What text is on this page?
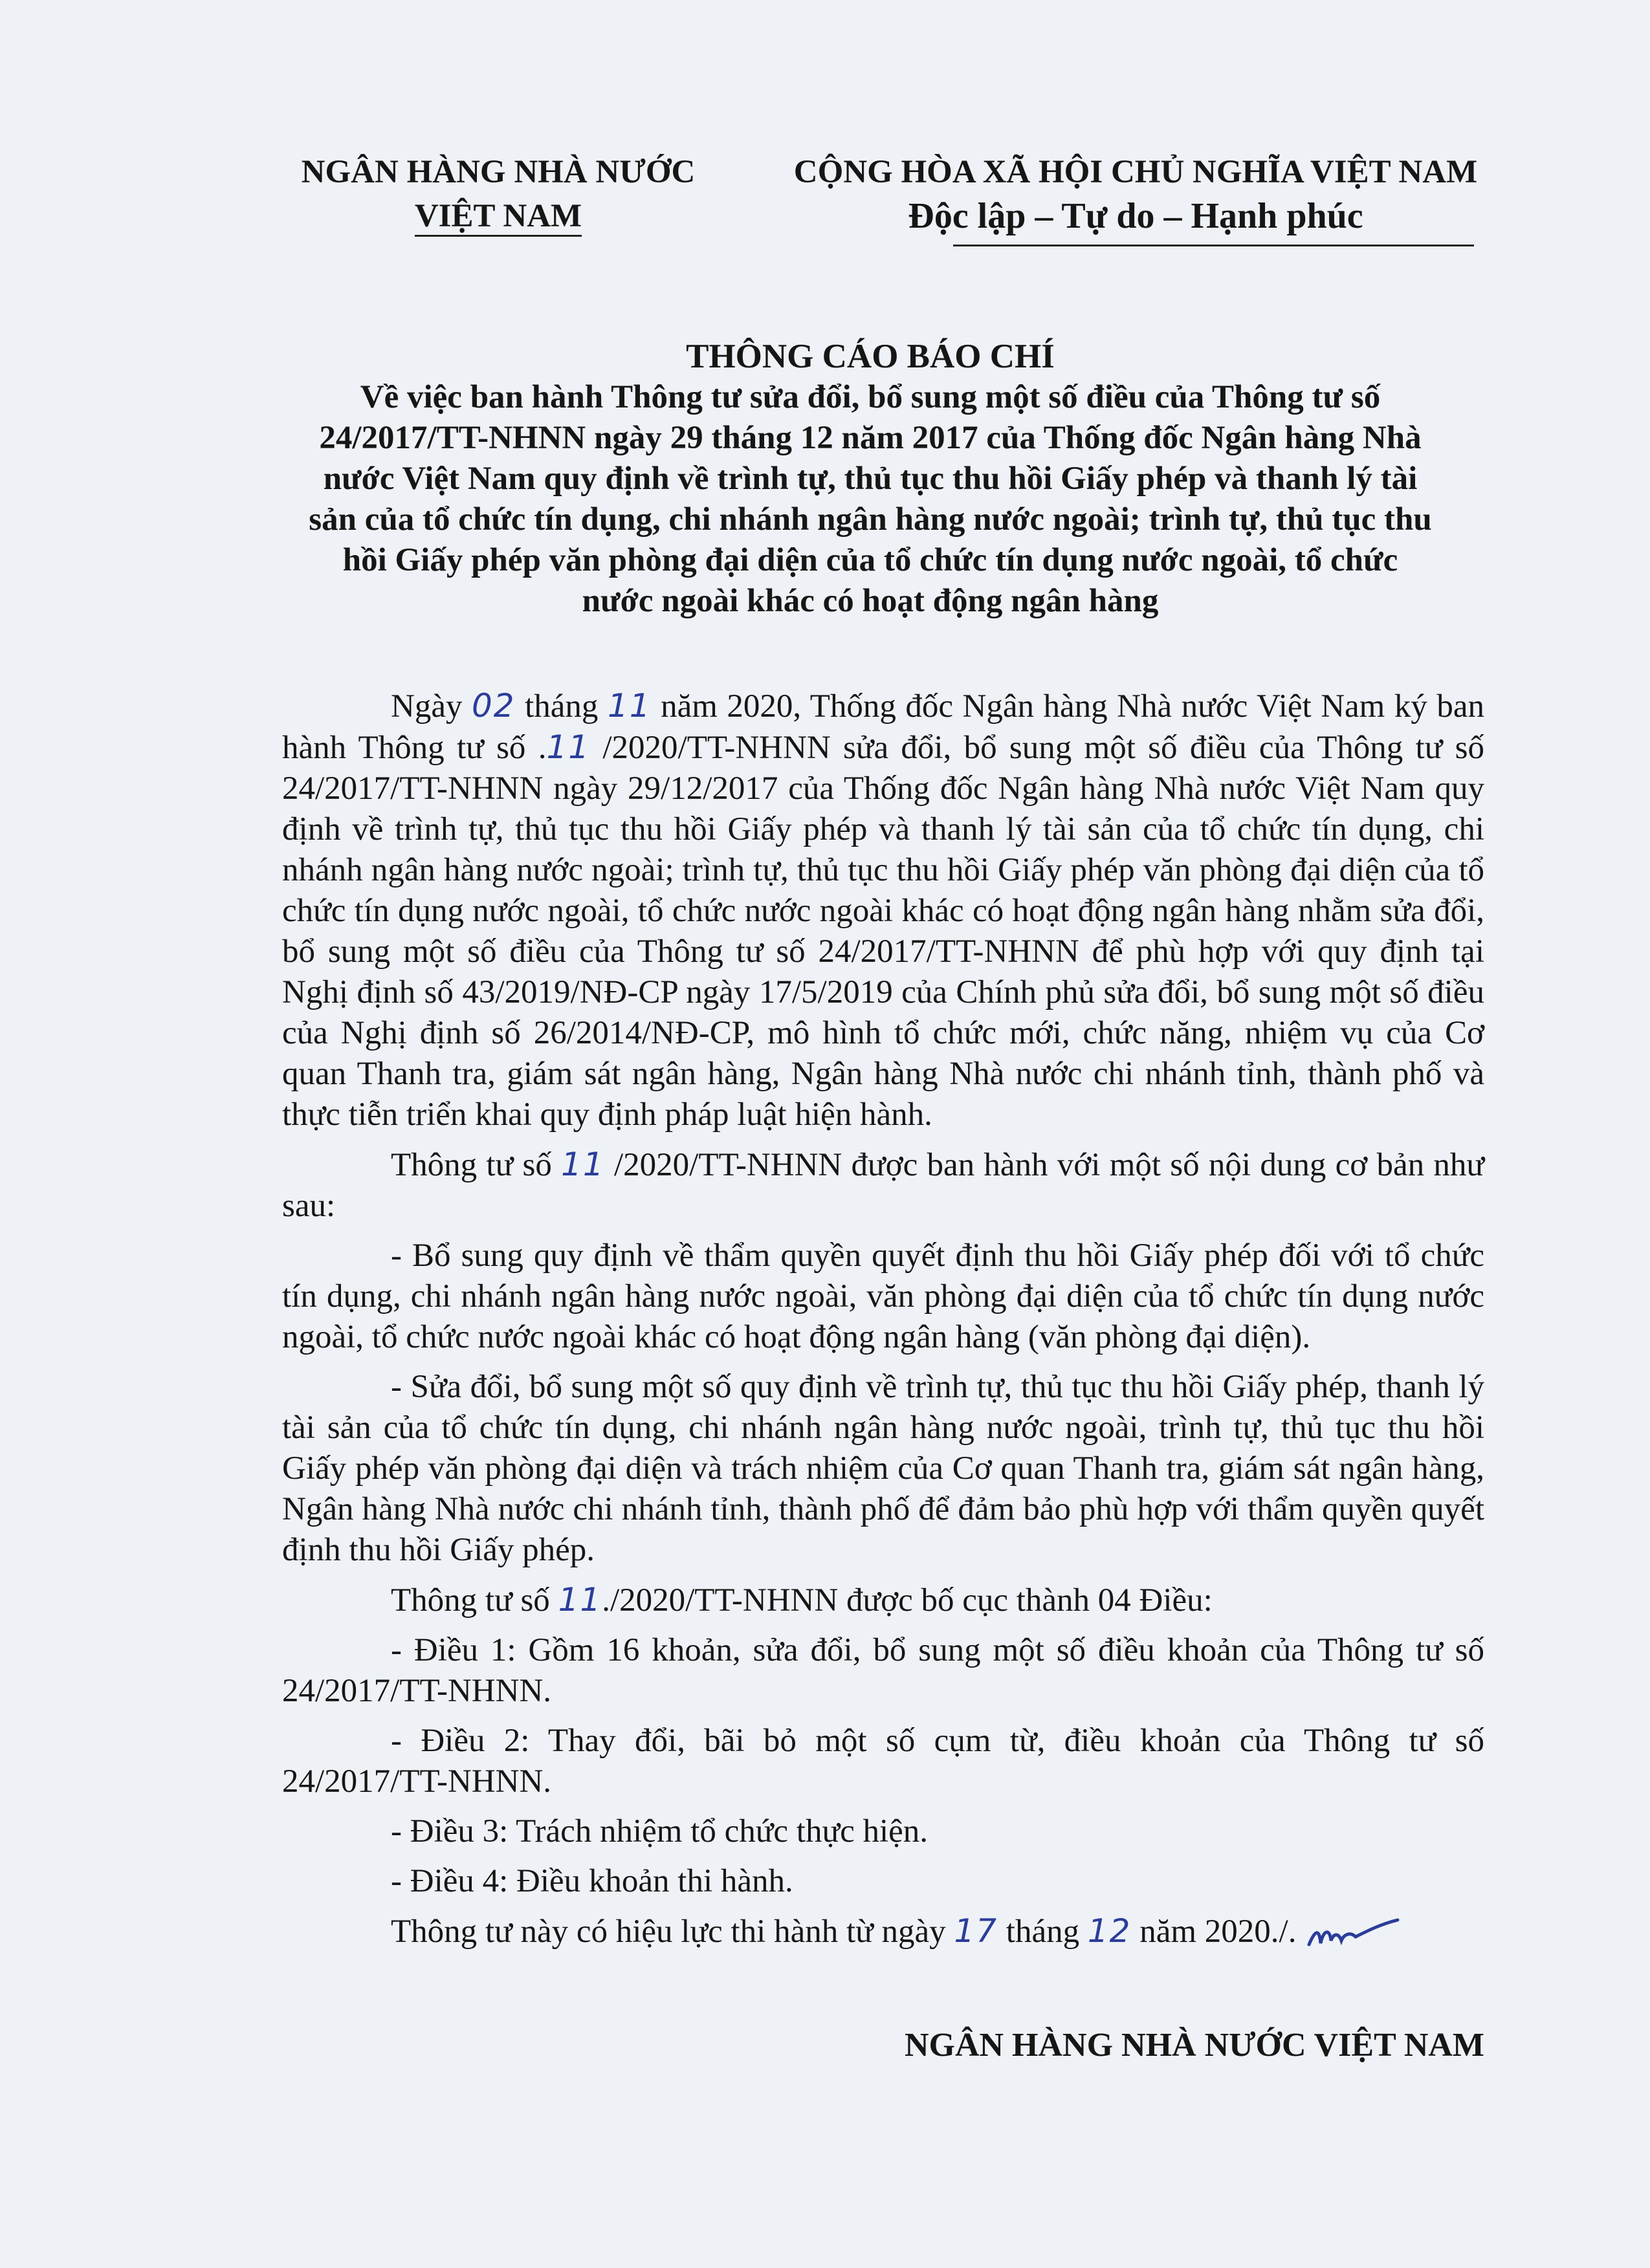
NGÂN HÀNG NHÀ NƯỚC
VIỆT NAM
CỘNG HÒA XÃ HỘI CHỦ NGHĨA VIỆT NAM
Độc lập – Tự do – Hạnh phúc
THÔNG CÁO BÁO CHÍ
Về việc ban hành Thông tư sửa đổi, bổ sung một số điều của Thông tư số
24/2017/TT-NHNN ngày 29 tháng 12 năm 2017 của Thống đốc Ngân hàng Nhà
nước Việt Nam quy định về trình tự, thủ tục thu hồi Giấy phép và thanh lý tài
sản của tổ chức tín dụng, chi nhánh ngân hàng nước ngoài; trình tự, thủ tục thu
hồi Giấy phép văn phòng đại diện của tổ chức tín dụng nước ngoài, tổ chức
nước ngoài khác có hoạt động ngân hàng

Ngày 02 tháng 11 năm 2020, Thống đốc Ngân hàng Nhà nước Việt Nam ký ban hành Thông tư số .11 /2020/TT-NHNN sửa đổi, bổ sung một số điều của Thông tư số 24/2017/TT-NHNN ngày 29/12/2017 của Thống đốc Ngân hàng Nhà nước Việt Nam quy định về trình tự, thủ tục thu hồi Giấy phép và thanh lý tài sản của tổ chức tín dụng, chi nhánh ngân hàng nước ngoài; trình tự, thủ tục thu hồi Giấy phép văn phòng đại diện của tổ chức tín dụng nước ngoài, tổ chức nước ngoài khác có hoạt động ngân hàng nhằm sửa đổi, bổ sung một số điều của Thông tư số 24/2017/TT-NHNN để phù hợp với quy định tại Nghị định số 43/2019/NĐ-CP ngày 17/5/2019 của Chính phủ sửa đổi, bổ sung một số điều của Nghị định số 26/2014/NĐ-CP, mô hình tổ chức mới, chức năng, nhiệm vụ của Cơ quan Thanh tra, giám sát ngân hàng, Ngân hàng Nhà nước chi nhánh tỉnh, thành phố và thực tiễn triển khai quy định pháp luật hiện hành.

Thông tư số 11 /2020/TT-NHNN được ban hành với một số nội dung cơ bản như sau:

- Bổ sung quy định về thẩm quyền quyết định thu hồi Giấy phép đối với tổ chức tín dụng, chi nhánh ngân hàng nước ngoài, văn phòng đại diện của tổ chức tín dụng nước ngoài, tổ chức nước ngoài khác có hoạt động ngân hàng (văn phòng đại diện).

- Sửa đổi, bổ sung một số quy định về trình tự, thủ tục thu hồi Giấy phép, thanh lý tài sản của tổ chức tín dụng, chi nhánh ngân hàng nước ngoài, trình tự, thủ tục thu hồi Giấy phép văn phòng đại diện và trách nhiệm của Cơ quan Thanh tra, giám sát ngân hàng, Ngân hàng Nhà nước chi nhánh tỉnh, thành phố để đảm bảo phù hợp với thẩm quyền quyết định thu hồi Giấy phép.

Thông tư số 11./2020/TT-NHNN được bố cục thành 04 Điều:

- Điều 1: Gồm 16 khoản, sửa đổi, bổ sung một số điều khoản của Thông tư số 24/2017/TT-NHNN.

- Điều 2: Thay đổi, bãi bỏ một số cụm từ, điều khoản của Thông tư số 24/2017/TT-NHNN.

- Điều 3: Trách nhiệm tổ chức thực hiện.

- Điều 4: Điều khoản thi hành.

Thông tư này có hiệu lực thi hành từ ngày 17 tháng 12 năm 2020./.

NGÂN HÀNG NHÀ NƯỚC VIỆT NAM
